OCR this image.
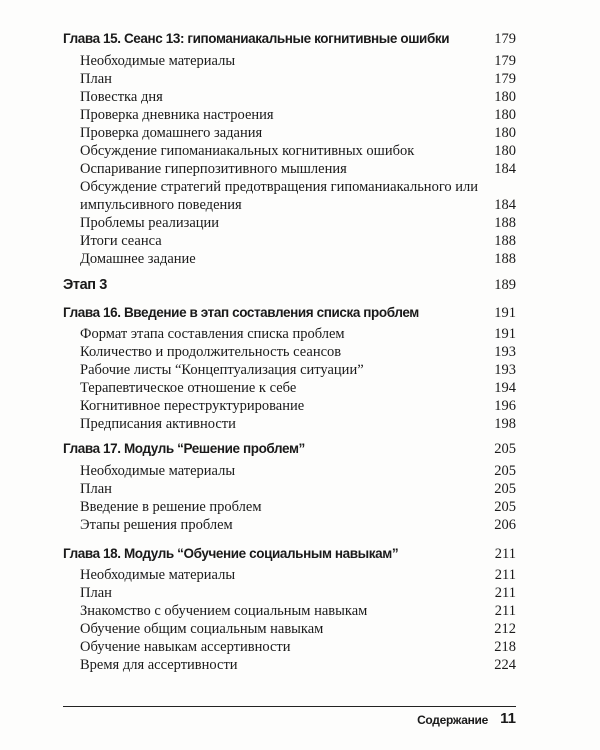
Глава 15. Сеанс 13: гипоманиакальные когнитивные ошибки	179
Необходимые материалы	179
План	179
Повестка дня	180
Проверка дневника настроения	180
Проверка домашнего задания	180
Обсуждение гипоманиакальных когнитивных ошибок	180
Оспаривание гиперпозитивного мышления	184
Обсуждение стратегий предотвращения гипоманиакального или
импульсивного поведения	184
Проблемы реализации	188
Итоги сеанса	188
Домашнее задание	188
Этап 3	189
Глава 16. Введение в этап составления списка проблем	191
Формат этапа составления списка проблем	191
Количество и продолжительность сеансов	193
Рабочие листы “Концептуализация ситуации”	193
Терапевтическое отношение к себе	194
Когнитивное переструктурирование	196
Предписания активности	198
Глава 17. Модуль “Решение проблем”	205
Необходимые материалы	205
План	205
Введение в решение проблем	205
Этапы решения проблем	206
Глава 18. Модуль “Обучение социальным навыкам”	211
Необходимые материалы	211
План	211
Знакомство с обучением социальным навыкам	211
Обучение общим социальным навыкам	212
Обучение навыкам ассертивности	218
Время для ассертивности	224
Содержание 11
